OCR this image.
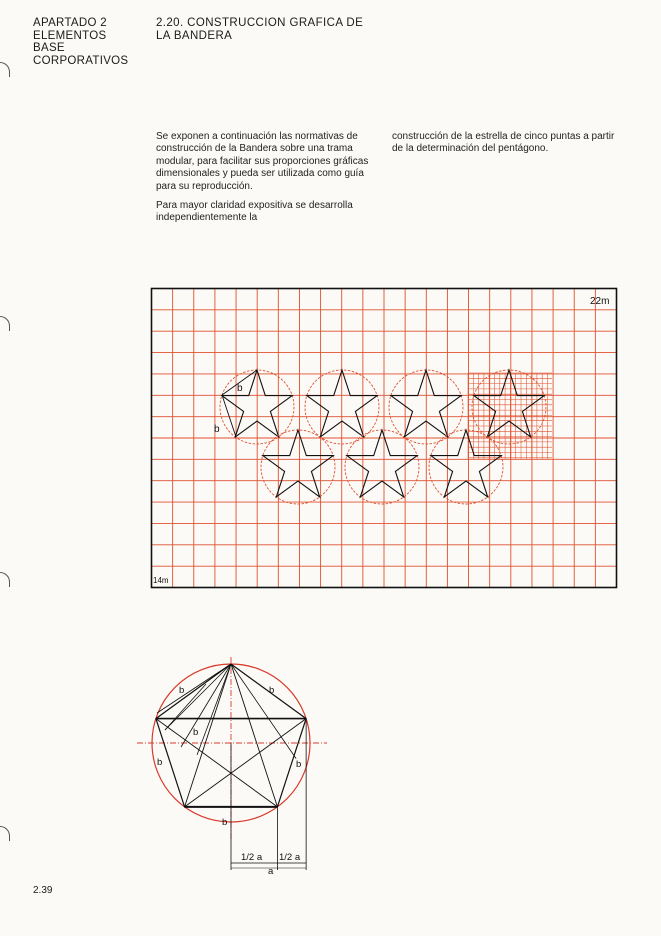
APARTADO 2
ELEMENTOS
BASE
CORPORATIVOS
2.20. CONSTRUCCION GRAFICA DE
LA BANDERA

Se exponen a continuación las normativas de construcción de la Bandera sobre una trama modular, para facilitar sus proporciones gráficas dimensionales y pueda ser utilizada como guía para su reproducción.

Para mayor claridad expositiva se desarrolla independientemente la

construcción de la estrella de cinco puntas a partir de la determinación del pentágono.

22m
14m
b
b
b	b
b
b	b
b
1/2 a 1/2 a
a
2.39
